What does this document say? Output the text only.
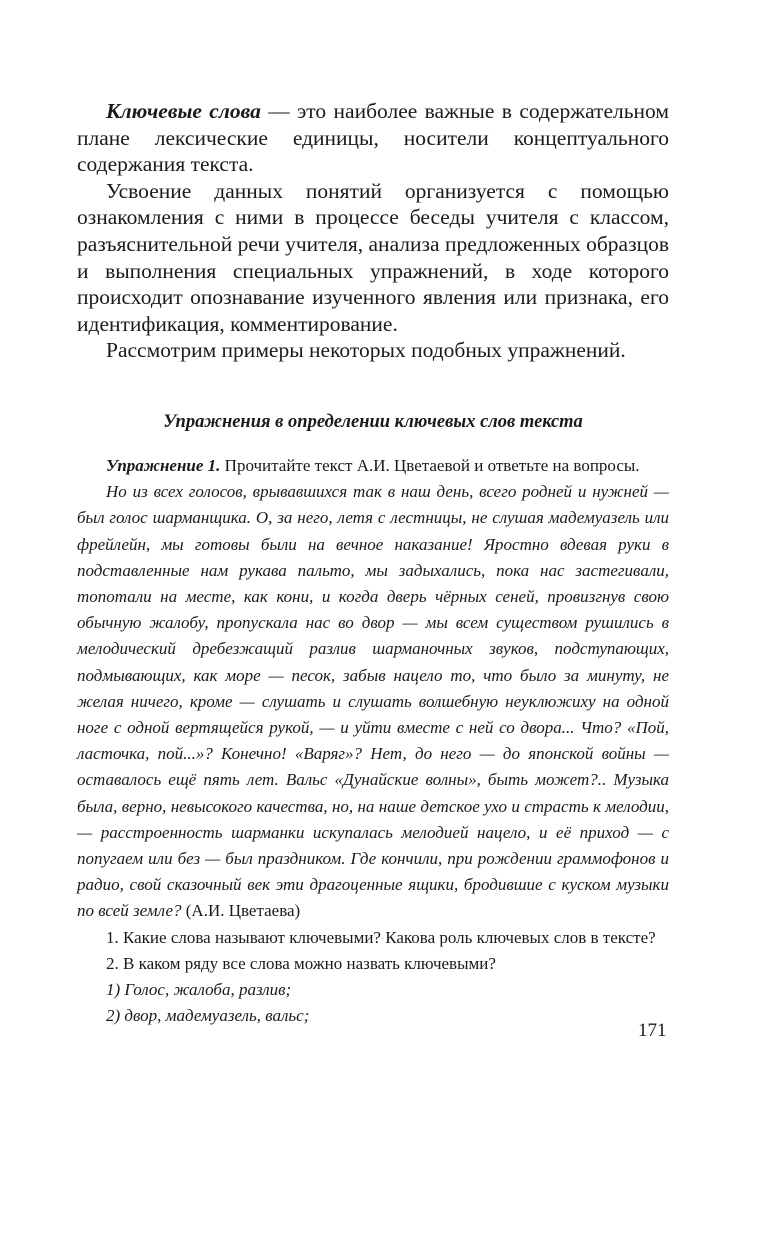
Ключевые слова — это наиболее важные в содержательном плане лексические единицы, носители концептуального содержания текста.

Усвоение данных понятий организуется с помощью ознакомления с ними в процессе беседы учителя с классом, разъяснительной речи учителя, анализа предложенных образцов и выполнения специальных упражнений, в ходе которого происходит опознавание изученного явления или признака, его идентификация, комментирование.

Рассмотрим примеры некоторых подобных упражнений.

Упражнения в определении ключевых слов текста

Упражнение 1. Прочитайте текст А.И. Цветаевой и ответьте на вопросы.

Но из всех голосов, врывавшихся так в наш день, всего родней и нужней — был голос шарманщика. О, за него, летя с лестницы, не слушая мадемуазель или фрейлейн, мы готовы были на вечное наказание! Яростно вдевая руки в подставленные нам рукава пальто, мы задыхались, пока нас застегивали, топотали на месте, как кони, и когда дверь чёрных сеней, провизгнув свою обычную жалобу, пропускала нас во двор — мы всем существом рушились в мелодический дребезжащий разлив шарманочных звуков, подступающих, подмывающих, как море — песок, забыв нацело то, что было за минуту, не желая ничего, кроме — слушать и слушать волшебную неуклюжиху на одной ноге с одной вертящейся рукой, — и уйти вместе с ней со двора... Что? «Пой, ласточка, пой...»? Конечно! «Варяг»? Нет, до него — до японской войны — оставалось ещё пять лет. Вальс «Дунайские волны», быть может?.. Музыка была, верно, невысокого качества, но, на наше детское ухо и страсть к мелодии, — расстроенность шарманки искупалась мелодией нацело, и её приход — с попугаем или без — был праздником. Где кончили, при рождении граммофонов и радио, свой сказочный век эти драгоценные ящики, бродившие с куском музыки по всей земле? (А.И. Цветаева)

1. Какие слова называют ключевыми? Какова роль ключевых слов в тексте?

2. В каком ряду все слова можно назвать ключевыми?

1) Голос, жалоба, разлив;

2) двор, мадемуазель, вальс;

171
